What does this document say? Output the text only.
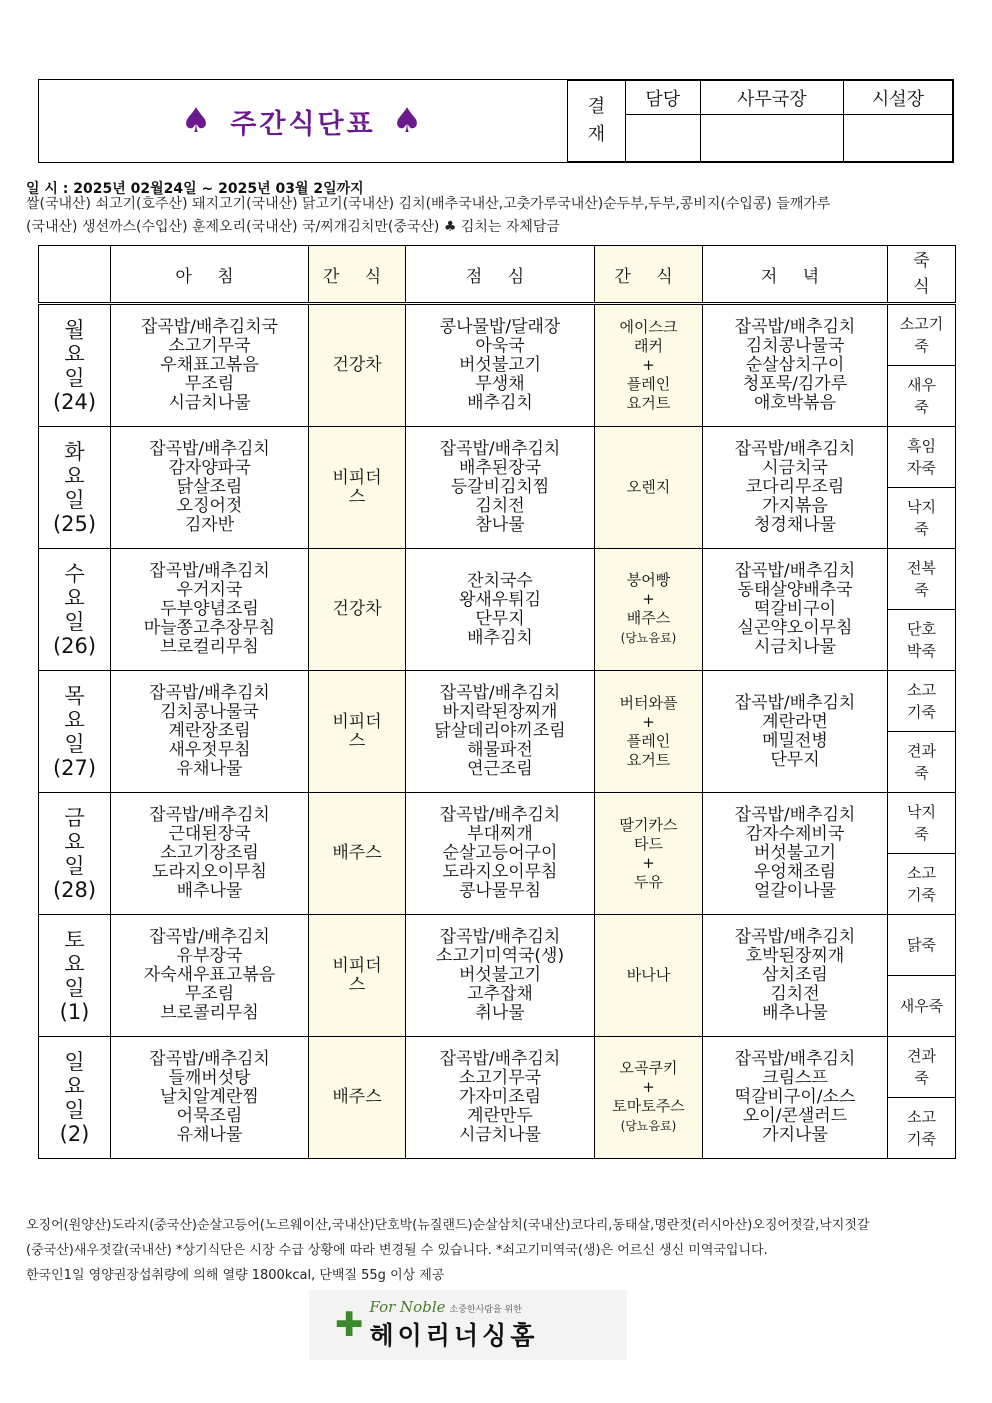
♠ 주간식단표 ♠	결
재	담당	사무국장	시설장

일 시 : 2025년 02월24일 ~ 2025년 03월 2일까지
쌀(국내산) 쇠고기(호주산) 돼지고기(국내산) 닭고기(국내산) 김치(배추국내산,고춧가루국내산)순두부,두부,콩비지(수입콩) 들깨가루
(국내산) 생선까스(수입산) 훈제오리(국내산) 국/찌개김치만(중국산) ♣ 김치는 자체담금
	아 침	간 식	점 심	간 식	저 녁	죽
식
월
요
일
(24)	잡곡밥/배추김치국
소고기무국
우채표고볶음
무조림
시금치나물	건강차	콩나물밥/달래장
아욱국
버섯불고기
무생채
배추김치	에이스크
래커
+
플레인
요거트	잡곡밥/배추김치
김치콩나물국
순살삼치구이
청포묵/김가루
애호박볶음	소고기
죽
						새우
죽
화
요
일
(25)	잡곡밥/배추김치
감자양파국
닭살조림
오징어젓
김자반	비피더
스	잡곡밥/배추김치
배추된장국
등갈비김치찜
김치전
참나물	오렌지	잡곡밥/배추김치
시금치국
코다리무조림
가지볶음
청경채나물	흑임
자죽
						낙지
죽
수
요
일
(26)	잡곡밥/배추김치
우거지국
두부양념조림
마늘쫑고추장무침
브로컬리무침	건강차	잔치국수
왕새우튀김
단무지
배추김치	붕어빵
+
배주스
(당뇨음료)	잡곡밥/배추김치
동태살양배추국
떡갈비구이
실곤약오이무침
시금치나물	전복
죽
						단호
박죽
목
요
일
(27)	잡곡밥/배추김치
김치콩나물국
계란장조림
새우젓무침
유채나물	비피더
스	잡곡밥/배추김치
바지락된장찌개
닭살데리야끼조림
해물파전
연근조림	버터와플
+
플레인
요거트	잡곡밥/배추김치
계란라면
메밀전병
단무지	소고
기죽
						견과
죽
금
요
일
(28)	잡곡밥/배추김치
근대된장국
소고기장조림
도라지오이무침
배추나물	배주스	잡곡밥/배추김치
부대찌개
순살고등어구이
도라지오이무침
콩나물무침	딸기카스
타드
+
두유	잡곡밥/배추김치
감자수제비국
버섯불고기
우엉채조림
얼갈이나물	낙지
죽
						소고
기죽
토
요
일
(1)	잡곡밥/배추김치
유부장국
자숙새우표고볶음
무조림
브로콜리무침	비피더
스	잡곡밥/배추김치
소고기미역국(생)
버섯불고기
고추잡채
취나물	바나나	잡곡밥/배추김치
호박된장찌개
삼치조림
김치전
배추나물	닭죽
						새우죽
일
요
일
(2)	잡곡밥/배추김치
들깨버섯탕
날치알계란찜
어묵조림
유채나물	배주스	잡곡밥/배추김치
소고기무국
가자미조림
계란만두
시금치나물	오곡쿠키
+
토마토주스
(당뇨음료)	잡곡밥/배추김치
크림스프
떡갈비구이/소스
오이/콘샐러드
가지나물	견과
죽
						소고
기죽
오징어(원양산)도라지(중국산)순살고등어(노르웨이산,국내산)단호박(뉴질랜드)순살삼치(국내산)코다리,동태살,명란젓(러시아산)오징어젓갈,낙지젓갈
(중국산)새우젓갈(국내산) *상기식단은 시장 수급 상황에 따라 변경될 수 있습니다. *쇠고기미역국(생)은 어르신 생신 미역국입니다.
한국인1일 영양권장섭취량에 의해 열량 1800kcal, 단백질 55g 이상 제공
✚ For Noble 소중한사람을 위한
헤이리너싱홈
